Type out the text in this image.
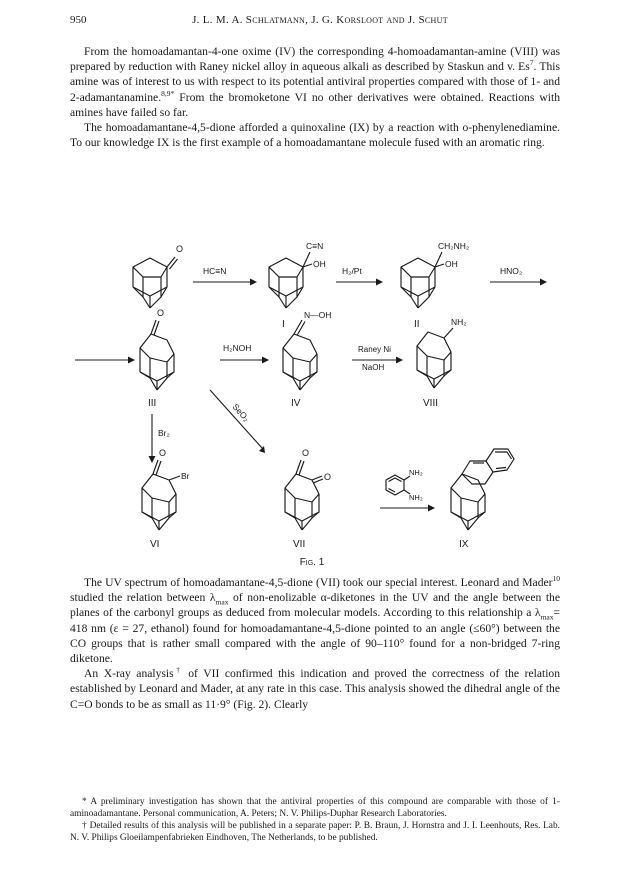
950	J. L. M. A. Schlatmann, J. G. Korsloot and J. Schut

From the homoadamantan-4-one oxime (IV) the corresponding 4-homoadamantan-amine (VIII) was prepared by reduction with Raney nickel alloy in aqueous alkali as described by Staskun and v. Es$^7$. This amine was of interest to us with respect to its potential antiviral properties compared with those of 1- and 2-adamantanamine.$^{8,9*}$ From the bromoketone VI no other derivatives were obtained. Reactions with amines have failed so far.

The homoadamantane-4,5-dione afforded a quinoxaline (IX) by a reaction with o-phenylenediamine. To our knowledge IX is the first example of a homoadamantane molecule fused with an aromatic ring.

O
HC≡N
C≡N
OH
I
H₂/Pt
CH₂NH₂
OH
II
HNO₂
O
III
H₂NOH
N—OH
IV
Raney Ni
NaOH
NH₂
VIII
Br₂
SeO₂
O
Br
VI
O
O
VII
NH₂
NH₂
IX
Fig. 1

The UV spectrum of homoadamantane-4,5-dione (VII) took our special interest. Leonard and Mader$^{10}$ studied the relation between $\lambda_{max}$ of non-enolizable α-diketones in the UV and the angle between the planes of the carbonyl groups as deduced from molecular models. According to this relationship a $\lambda_{max}= 418$ nm (ε = 27, ethanol) found for homoadamantane-4,5-dione pointed to an angle (≤60°) between the CO groups that is rather small compared with the angle of 90–110° found for a non-bridged 7-ring diketone.

An X-ray analysis† of VII confirmed this indication and proved the correctness of the relation established by Leonard and Mader, at any rate in this case. This analysis showed the dihedral angle of the C=O bonds to be as small as 11·9° (Fig. 2). Clearly

* A preliminary investigation has shown that the antiviral properties of this compound are comparable with those of 1-aminoadamantane. Personal communication, A. Peters; N. V. Philips-Duphar Research Laboratories.

† Detailed results of this analysis will be published in a separate paper: P. B. Braun, J. Hornstra and J. I. Leenhouts, Res. Lab. N. V. Philips Gloeilampenfabrieken Eindhoven, The Netherlands, to be published.
